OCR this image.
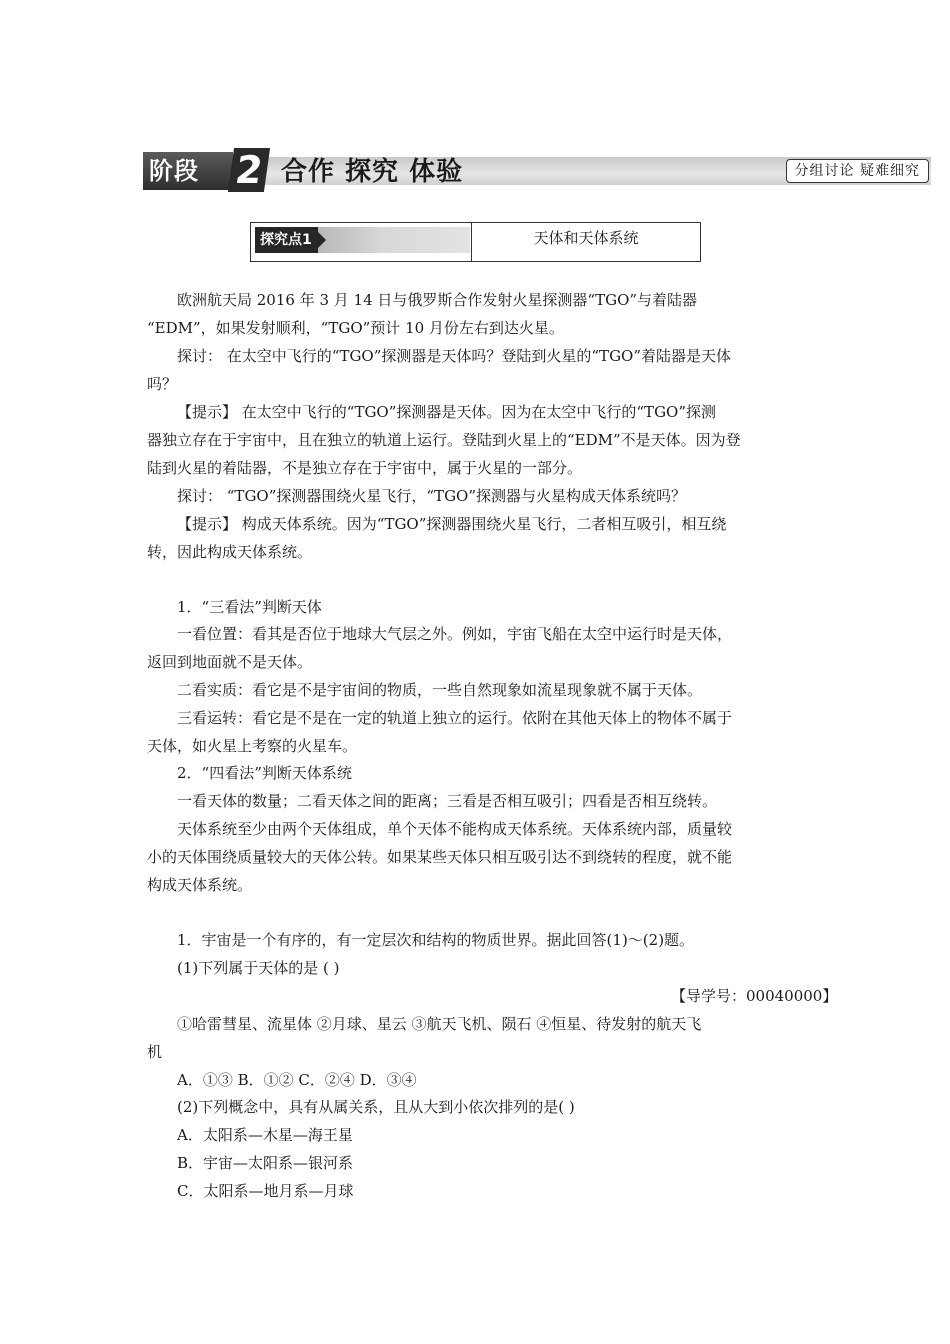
阶段 2 合作 探究 体验	分组讨论 疑难细究
探究点1	天体和天体系统
欧洲航天局 2016 年 3 月 14 日与俄罗斯合作发射火星探测器“TGO”与着陆器
“EDM”，如果发射顺利，“TGO”预计 10 月份左右到达火星。
探讨： 在太空中飞行的“TGO”探测器是天体吗？登陆到火星的“TGO”着陆器是天体
吗？
【提示】 在太空中飞行的“TGO”探测器是天体。因为在太空中飞行的“TGO”探测
器独立存在于宇宙中，且在独立的轨道上运行。登陆到火星上的“EDM”不是天体。因为登
陆到火星的着陆器，不是独立存在于宇宙中，属于火星的一部分。
探讨： “TGO”探测器围绕火星飞行，“TGO”探测器与火星构成天体系统吗？
【提示】 构成天体系统。因为“TGO”探测器围绕火星飞行，二者相互吸引，相互绕
转，因此构成天体系统。
1．“三看法”判断天体
一看位置：看其是否位于地球大气层之外。例如，宇宙飞船在太空中运行时是天体，
返回到地面就不是天体。
二看实质：看它是不是宇宙间的物质，一些自然现象如流星现象就不属于天体。
三看运转：看它是不是在一定的轨道上独立的运行。依附在其他天体上的物体不属于
天体，如火星上考察的火星车。
2．“四看法”判断天体系统
一看天体的数量；二看天体之间的距离；三看是否相互吸引；四看是否相互绕转。
天体系统至少由两个天体组成，单个天体不能构成天体系统。天体系统内部，质量较
小的天体围绕质量较大的天体公转。如果某些天体只相互吸引达不到绕转的程度，就不能
构成天体系统。
1．宇宙是一个有序的，有一定层次和结构的物质世界。据此回答(1)～(2)题。
(1)下列属于天体的是 ( )
【导学号：00040000】
①哈雷彗星、流星体 ②月球、星云 ③航天飞机、陨石 ④恒星、待发射的航天飞
机
A．①③ B．①② C．②④ D．③④
(2)下列概念中，具有从属关系，且从大到小依次排列的是( )
A．太阳系—木星—海王星
B．宇宙—太阳系—银河系
C．太阳系—地月系—月球
